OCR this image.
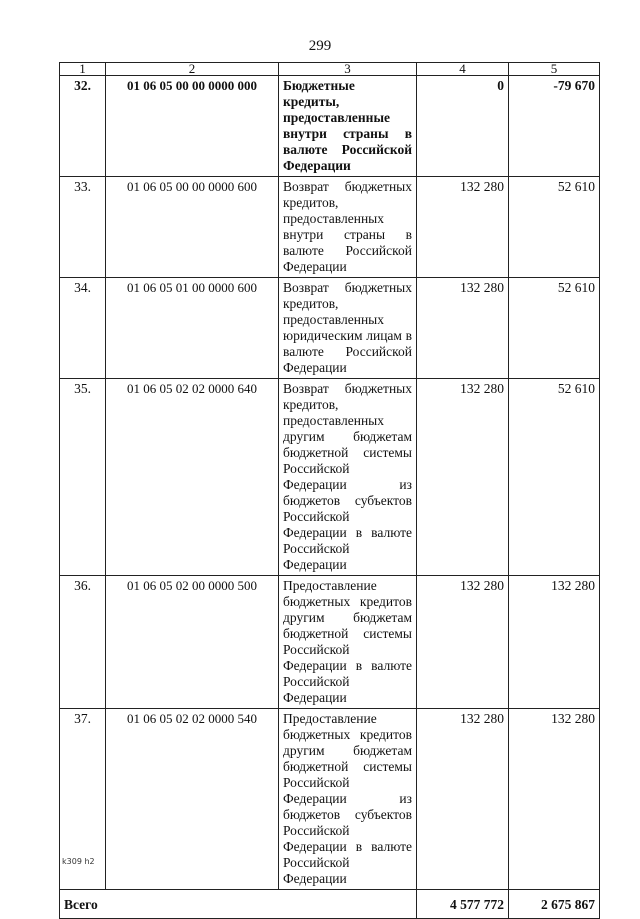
299
1	2	3	4	5
32.	01 06 05 00 00 0000 000	Бюджетные кредиты, предоставленные внутри страны в валюте Российской Федерации	0	-79 670
33.	01 06 05 00 00 0000 600	Возврат бюджетных кредитов, предоставленных внутри страны в валюте Российской Федерации	132 280	52 610
34.	01 06 05 01 00 0000 600	Возврат бюджетных кредитов, предоставленных юридическим лицам в валюте Российской Федерации	132 280	52 610
35.	01 06 05 02 02 0000 640	Возврат бюджетных кредитов, предоставленных другим бюджетам бюджетной системы Российской Федерации из бюджетов субъектов Российской Федерации в валюте Российской Федерации	132 280	52 610
36.	01 06 05 02 00 0000 500	Предоставление бюджетных кредитов другим бюджетам бюджетной системы Российской Федерации в валюте Российской Федерации	132 280	132 280
37.	01 06 05 02 02 0000 540	Предоставление бюджетных кредитов другим бюджетам бюджетной системы Российской Федерации из бюджетов субъектов Российской Федерации в валюте Российской Федерации	132 280	132 280
Всего			4 577 772	2 675 867
k309 h2
